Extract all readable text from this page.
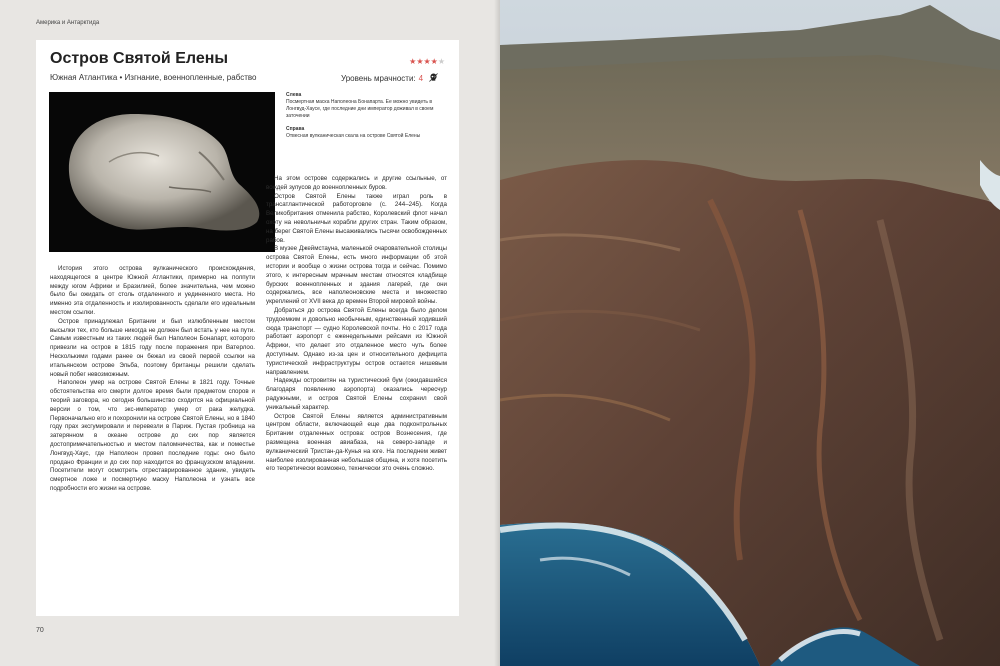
Америка и Антарктида
Остров Святой Елены	★★★★★
Южная Атлантика • Изгнание, военнопленные, рабство	Уровень мрачности: 4
Слева
Посмертная маска Наполеона Бонапарта. Ее можно увидеть в Лонгвуд-Хаусе, где последние дни император доживал в своем заточении
Справа
Отвесная вулканическая скала на острове Святой Елены

История этого острова вулканического происхождения, находящегося в центре Южной Атлантики, примерно на полпути между югом Африки и Бразилией, более значительна, чем можно было бы ожидать от столь отдаленного и уединенного места. Но именно эта отдаленность и изолированность сделали его идеальным местом ссылки.

Остров принадлежал Британии и был излюбленным местом высылки тех, кто больше никогда не должен был встать у нее на пути. Самым известным из таких людей был Наполеон Бонапарт, которого привезли на остров в 1815 году после поражения при Ватерлоо. Несколькими годами ранее он бежал из своей первой ссылки на итальянском острове Эльба, поэтому британцы решили сделать новый побег невозможным.

Наполеон умер на острове Святой Елены в 1821 году. Точные обстоятельства его смерти долгое время были предметом споров и теорий заговора, но сегодня большинство сходится на официальной версии о том, что экс-император умер от рака желудка. Первоначально его и похоронили на острове Святой Елены, но в 1840 году прах эксгумировали и перевезли в Париж. Пустая гробница на затерянном в океане острове до сих пор является достопримечательностью и местом паломничества, как и поместье Лонгвуд-Хаус, где Наполеон провел последние годы: оно было продано Франции и до сих пор находится во французском владении. Посетители могут осмотреть отреставрированное здание, увидеть смертное ложе и посмертную маску Наполеона и узнать все подробности его жизни на острове.

На этом острове содержались и другие ссыльные, от вождей зулусов до военнопленных буров.

Остров Святой Елены также играл роль в трансатлантической работорговле (с. 244–245). Когда Великобритания отменила рабство, Королевский флот начал охоту на невольничьи корабли других стран. Таким образом, на берег Святой Елены высаживались тысячи освобожденных рабов.

В музее Джеймстауна, маленькой очаровательной столицы острова Святой Елены, есть много информации об этой истории и вообще о жизни острова тогда и сейчас. Помимо этого, к интересным мрачным местам относятся кладбище бурских военнопленных и здания лагерей, где они содержались, все наполеоновские места и множество укреплений от XVII века до времен Второй мировой войны.

Добраться до острова Святой Елены всегда было делом трудоемким и довольно необычным, единственный ходивший сюда транспорт — судно Королевской почты. Но с 2017 года работает аэропорт с еженедельными рейсами из Южной Африки, что делает это отдаленное место чуть более доступным. Однако из-за цен и относительного дефицита туристической инфраструктуры остров остается нишевым направлением.

Надежды островитян на туристический бум (ожидавшийся благодаря появлению аэропорта) оказались чересчур радужными, и остров Святой Елены сохранил свой уникальный характер.

Остров Святой Елены является административным центром области, включающей еще два подконтрольных Британии отдаленных острова: остров Вознесения, где размещена военная авиабаза, на северо-западе и вулканический Тристан-да-Кунья на юге. На последнем живет наиболее изолированная небольшая община, и хотя посетить его теоретически возможно, технически это очень сложно.

70
